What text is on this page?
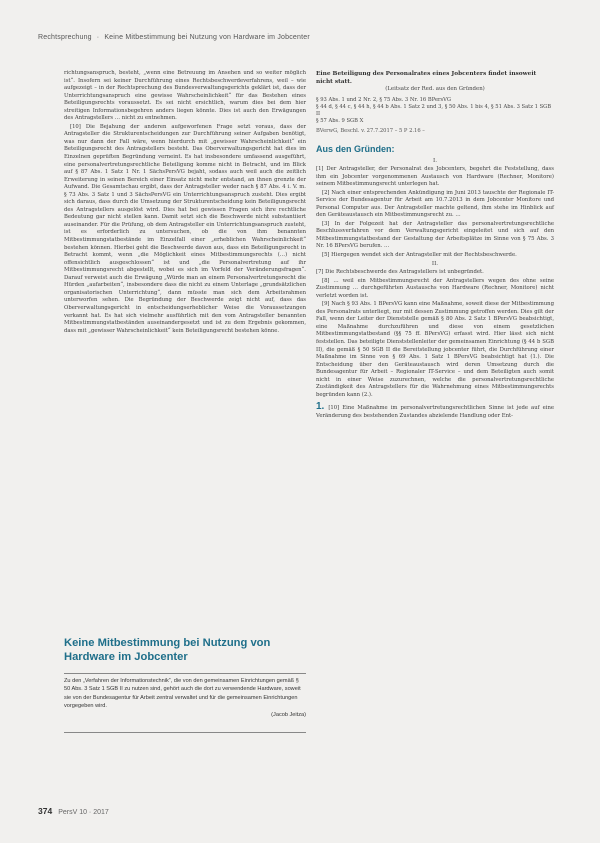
Rechtsprechung · Keine Mitbestimmung bei Nutzung von Hardware im Jobcenter

richtungsanspruch, besteht, „wenn eine Betreuung im Ansehen und so weiter möglich ist“. Insofern sei keiner Durchführung eines Rechtsbeschwerdeverfahrens, weil – wie aufgezeigt – in der Rechtsprechung des Bundesverwaltungsgerichts geklärt ist, dass der Unterrichtungsanspruch eine gewisse Wahrscheinlichkeit“ für das Bestehen eines Beteiligungsrechts voraussetzt. Es sei nicht ersichtlich, warum dies bei dem hier streitigen Informationsbegehren anders liegen könnte. Dies ist auch den Erwägungen des Antragstellers … nicht zu entnehmen.

[10] Die Bejahung der anderen aufgeworfenen Frage setzt voraus, dass der Antragsteller die Strukturentscheidungen zur Durchführung seiner Aufgaben benötigt, was nur dann der Fall wäre, wenn hierdurch mit „gewisser Wahrscheinlichkeit“ ein Beteiligungsrecht des Antragstellers besteht. Das Oberverwaltungsgericht hat dies im Einzelnen geprüften Begründung verneint. Es hat insbesondere umfassend ausgeführt, eine personalvertretungsrechtliche Beteiligung komme nicht in Betracht, und im Blick auf § 87 Abs. 1 Satz 1 Nr. 1 SächsPersVG bejaht, sodass auch weil auch die zeitlich Erweiterung in seinen Bereich einer Einsatz nicht mehr entstand, an ihnen grenzte der Aufwand. Die Gesamtschau ergibt, dass der Antragsteller weder nach § 87 Abs. 4 i. V. m. § 73 Abs. 3 Satz 1 und 3 SächsPersVG ein Unterrichtungsanspruch zusteht. Dies ergibt sich daraus, dass durch die Umsetzung der Strukturentscheidung kein Beteiligungsrecht des Antragstellers ausgelöst wird. Dies hat bei gewissen Fragen sich ihre rechtliche Bedeutung gar nicht stellen kann. Damit setzt sich die Beschwerde nicht substantiiert auseinander. Für die Prüfung, ob dem Antragsteller ein Unterrichtungsanspruch zusteht, ist es erforderlich zu untersuchen, ob die von ihm benannten Mitbestimmungstatbestände im Einzelfall einer „erheblichen Wahrscheinlichkeit“ bestehen können. Hierbei geht die Beschwerde davon aus, dass ein Beteiligungsrecht in Betracht kommt, wenn „die Möglichkeit eines Mitbestimmungsrechts (…) nicht offensichtlich ausgeschlossen“ ist und „die Personalvertretung auf ihr Mitbestimmungsrecht abgestellt, wobei es sich im Vorfeld der Veränderungsfragen“. Darauf verweist auch die Erwägung „Würde man an einem Personalvertretungsrecht die Hürden „aufarbeiten“, insbesondere dass die nicht zu einem Unterlage „grundsätzlichen organisatorischen Unterrichtung“, dann müsste man sich dem Arbeitsrahmen unterworfen sehen. Die Begründung der Beschwerde zeigt nicht auf, dass das Oberverwaltungsgericht in entscheidungserheblicher Weise die Voraussetzungen verkannt hat. Es hat sich vielmehr ausführlich mit den vom Antragsteller benannten Mitbestimmungstatbeständen auseinandergesetzt und ist zu dem Ergebnis gekommen, dass mit „gewisser Wahrscheinlichkeit“ kein Beteiligungsrecht bestehen könne.

Keine Mitbestimmung bei Nutzung von Hardware im Jobcenter
Zu den „Verfahren der Informationstechnik“, die von den gemeinsamen Einrichtungen gemäß § 50 Abs. 3 Satz 1 SGB II zu nutzen sind, gehört auch die dort zu verwendende Hardware, soweit sie von der Bundesagentur für Arbeit zentral verwaltet und für die gemeinsamen Einrichtungen vorgegeben wird.
(Jacob Jeitza)

Eine Beteiligung des Personalrates eines Jobcenters findet insoweit nicht statt.

(Leitsatz der Red. aus den Gründen)

§ 93 Abs. 1 und 2 Nr. 2, § 75 Abs. 3 Nr. 16 BPersVG

§ 44 d, § 44 c, § 44 h, § 44 b Abs. 1 Satz 2 und 3, § 50 Abs. 1 bis 4, § 51 Abs. 3 Satz 1 SGB II

§ 57 Abs. 9 SGB X

BVerwG, Beschl. v. 27.7.2017 – 5 P 2.16 –

Aus den Gründen:

I.

[1] Der Antragsteller, der Personalrat des Jobcenters, begehrt die Feststellung, dass ihm ein Jobcenter vorgenommenen Austausch von Hardware (Rechner, Monitore) seinem Mitbestimmungsrecht unterlegen hat.

[2] Nach einer entsprechenden Ankündigung im Juni 2013 tauschte der Regionale IT-Service der Bundesagentur für Arbeit am 10.7.2013 in dem Jobcenter Monitore und Personal Computer aus. Der Antragsteller machte geltend, ihm stehe im Hinblick auf den Geräteaustausch ein Mitbestimmungsrecht zu. …

[3] In der Folgezeit hat der Antragsteller das personalvertretungsrechtliche Beschlussverfahren vor dem Verwaltungsgericht eingeleitet und sich auf den Mitbestimmungstatbestand der Gestaltung der Arbeitsplätze im Sinne von § 75 Abs. 3 Nr. 16 BPersVG berufen. …

[5] Hiergegen wendet sich der Antragsteller mit der Rechtsbeschwerde.

II.

[7] Die Rechtsbeschwerde des Antragstellers ist unbegründet.

[8] … weil ein Mitbestimmungsrecht der Antragstellers wegen des ohne seine Zustimmung … durchgeführten Austauschs von Hardware (Rechner, Monitore) nicht verletzt worden ist.

[9] Nach § 93 Abs. 1 BPersVG kann eine Maßnahme, soweit diese der Mitbestimmung des Personalrats unterliegt, nur mit dessen Zustimmung getroffen werden. Dies gilt der Fall, wenn der Leiter der Dienststelle gemäß § 80 Abs. 2 Satz 1 BPersVG beabsichtigt, eine Maßnahme durchzuführen und diese von einem gesetzlichen Mitbestimmungstatbestand (§§ 75 ff. BPersVG) erfasst wird. Hier lässt sich nicht feststellen. Das beteiligte Dienststellenleiter der gemeinsamen Einrichtung (§ 44 b SGB II), die gemäß § 50 SGB II die Bereitstellung jobcenter führt, die Durchführung einer Maßnahme im Sinne von § 69 Abs. 1 Satz 1 BPersVG beabsichtigt hat (1.). Die Entscheidung über den Geräteaustausch wird deren Umsetzung durch die Bundesagentur für Arbeit – Regionaler IT-Service – und dem Beteiligten auch somit nicht in einer Weise zuzurechnen, welche die personalvertretungsrechtliche Zuständigkeit des Antragstellers für die Wahrnehmung eines Mitbestimmungsrechts begründen kann (2.).

1. [10] Eine Maßnahme im personalvertretungsrechtlichen Sinne ist jede auf eine Veränderung des bestehenden Zustandes abzielende Handlung oder Ent-

374 PersV 10 · 2017
